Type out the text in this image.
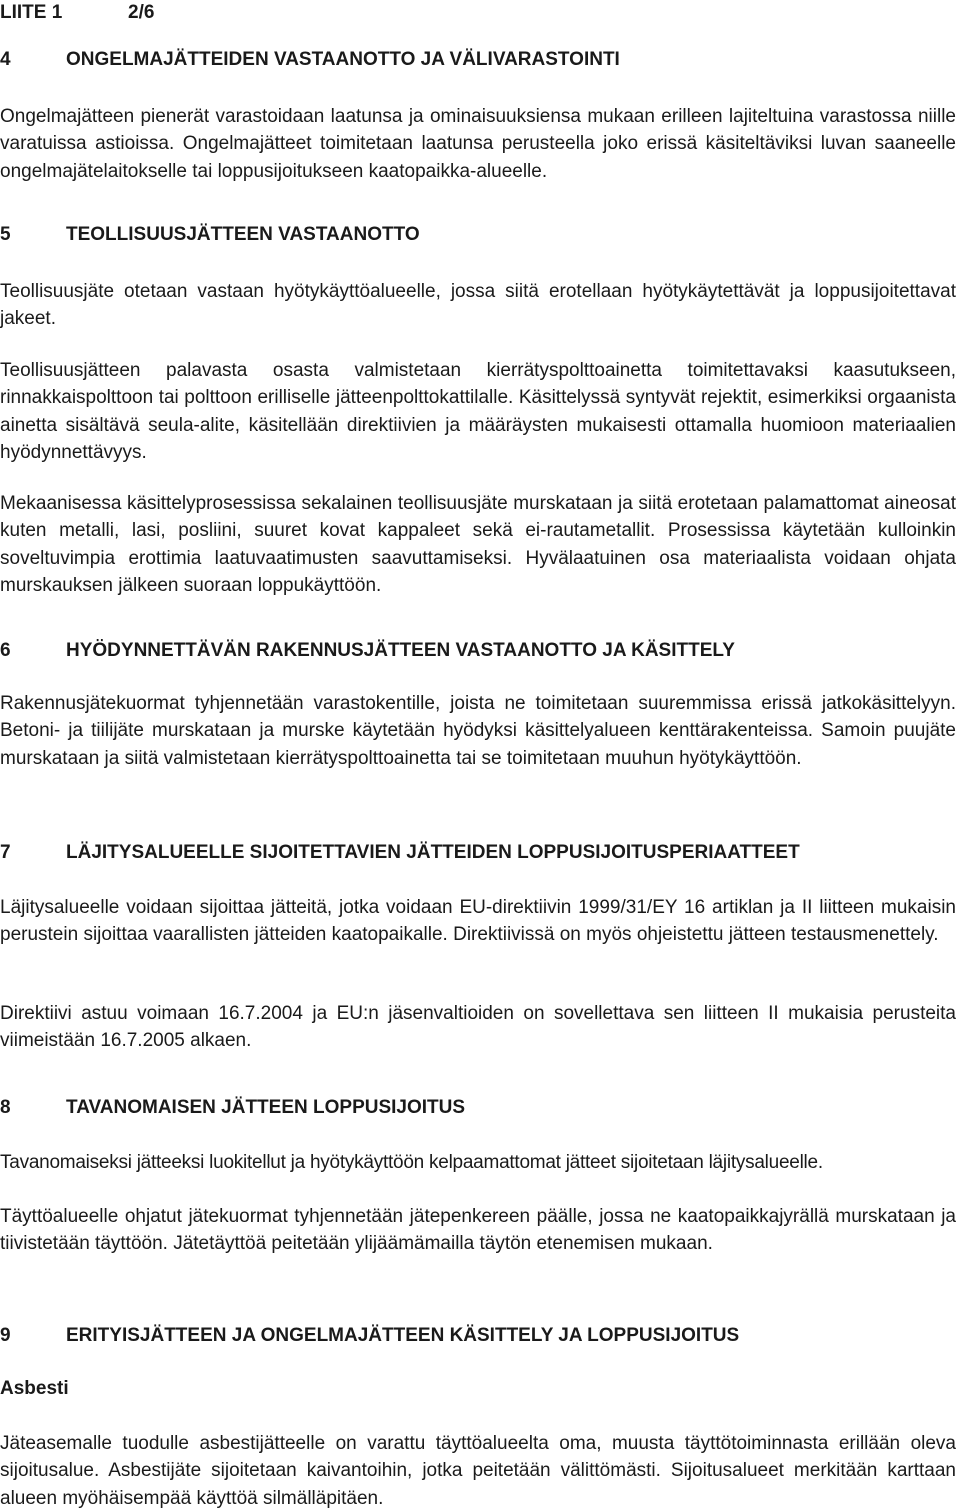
LIITE 1	2/6
4	ONGELMAJÄTTEIDEN VASTAANOTTO JA VÄLIVARASTOINTI

Ongelmajätteen pienerät varastoidaan laatunsa ja ominaisuuksiensa mukaan erilleen lajiteltuina varastossa niille varatuissa astioissa. Ongelmajätteet toimitetaan laatunsa perusteella joko erissä käsiteltäviksi luvan saaneelle ongelmajätelaitokselle tai loppusijoitukseen kaatopaikka-alueelle.

5	TEOLLISUUSJÄTTEEN VASTAANOTTO

Teollisuusjäte otetaan vastaan hyötykäyttöalueelle, jossa siitä erotellaan hyötykäytettävät ja loppusijoitettavat jakeet.

Teollisuusjätteen palavasta osasta valmistetaan kierrätyspolttoainetta toimitettavaksi kaasutukseen, rinnakkaispolttoon tai polttoon erilliselle jätteenpolttokattilalle. Käsittelyssä syntyvät rejektit, esimerkiksi orgaanista ainetta sisältävä seula-alite, käsitellään direktiivien ja määräysten mukaisesti ottamalla huomioon materiaalien hyödynnettävyys.

Mekaanisessa käsittelyprosessissa sekalainen teollisuusjäte murskataan ja siitä erotetaan palamattomat aineosat kuten metalli, lasi, posliini, suuret kovat kappaleet sekä ei-rautametallit. Prosessissa käytetään kulloinkin soveltuvimpia erottimia laatuvaatimusten saavuttamiseksi. Hyvälaatuinen osa materiaalista voidaan ohjata murskauksen jälkeen suoraan loppukäyttöön.

6	HYÖDYNNETTÄVÄN RAKENNUSJÄTTEEN VASTAANOTTO JA KÄSITTELY

Rakennusjätekuormat tyhjennetään varastokentille, joista ne toimitetaan suuremmissa erissä jatkokäsittelyyn. Betoni- ja tiilijäte murskataan ja murske käytetään hyödyksi käsittelyalueen kenttärakenteissa. Samoin puujäte murskataan ja siitä valmistetaan kierrätyspolttoainetta tai se toimitetaan muuhun hyötykäyttöön.

7	LÄJITYSALUEELLE SIJOITETTAVIEN JÄTTEIDEN LOPPUSIJOITUSPERIAATTEET

Läjitysalueelle voidaan sijoittaa jätteitä, jotka voidaan EU-direktiivin 1999/31/EY 16 artiklan ja II liitteen mukaisin perustein sijoittaa vaarallisten jätteiden kaatopaikalle. Direktiivissä on myös ohjeistettu jätteen testausmenettely.

Direktiivi astuu voimaan 16.7.2004 ja EU:n jäsenvaltioiden on sovellettava sen liitteen II mukaisia perusteita viimeistään 16.7.2005 alkaen.

8	TAVANOMAISEN JÄTTEEN LOPPUSIJOITUS

Tavanomaiseksi jätteeksi luokitellut ja hyötykäyttöön kelpaamattomat jätteet sijoitetaan läjitysalueelle.

Täyttöalueelle ohjatut jätekuormat tyhjennetään jätepenkereen päälle, jossa ne kaatopaikkajyrällä murskataan ja tiivistetään täyttöön. Jätetäyttöä peitetään ylijäämämailla täytön etenemisen mukaan.

9	ERITYISJÄTTEEN JA ONGELMAJÄTTEEN KÄSITTELY JA LOPPUSIJOITUS
Asbesti

Jäteasemalle tuodulle asbestijätteelle on varattu täyttöalueelta oma, muusta täyttötoiminnasta erillään oleva sijoitusalue. Asbestijäte sijoitetaan kaivantoihin, jotka peitetään välittömästi. Sijoitusalueet merkitään karttaan alueen myöhäisempää käyttöä silmälläpitäen.
